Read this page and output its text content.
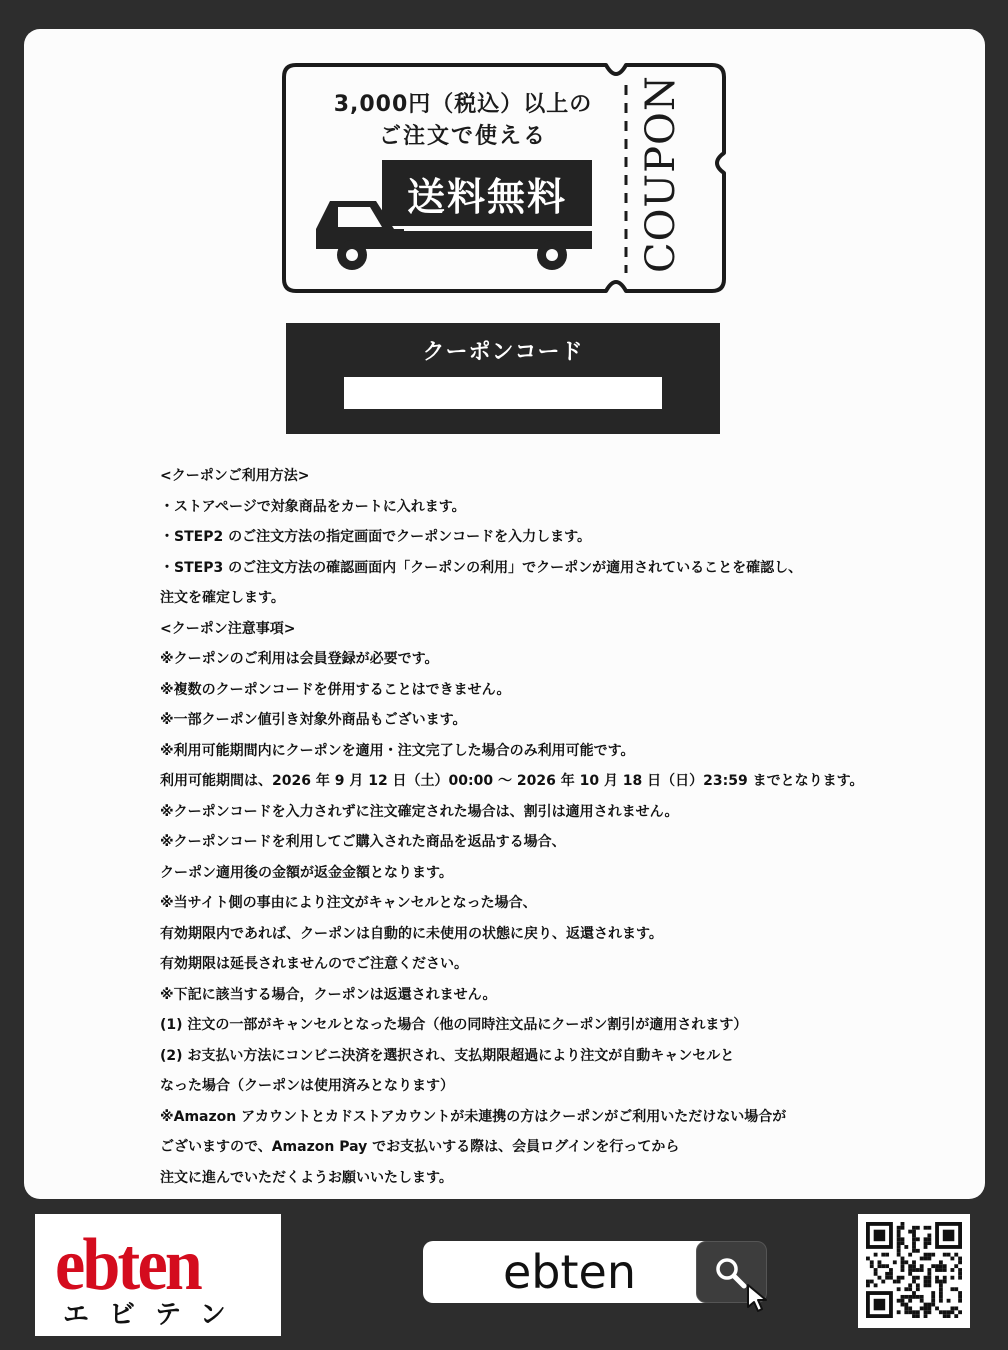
3,000円（税込）以上の
ご注文で使える
送料無料	COUPON
クーポンコード
<クーポンご利用方法>
・ストアページで対象商品をカートに入れます。
・STEP2 のご注文方法の指定画面でクーポンコードを入力します。
・STEP3 のご注文方法の確認画面内「クーポンの利用」でクーポンが適用されていることを確認し、
注文を確定します。
<クーポン注意事項>
※クーポンのご利用は会員登録が必要です。
※複数のクーポンコードを併用することはできません。
※一部クーポン値引き対象外商品もございます。
※利用可能期間内にクーポンを適用・注文完了した場合のみ利用可能です。
利用可能期間は、2026 年 9 月 12 日（土）00:00 ～ 2026 年 10 月 18 日（日）23:59 までとなります。
※クーポンコードを入力されずに注文確定された場合は、割引は適用されません。
※クーポンコードを利用してご購入された商品を返品する場合、
クーポン適用後の金額が返金金額となります。
※当サイト側の事由により注文がキャンセルとなった場合、
有効期限内であれば、クーポンは自動的に未使用の状態に戻り、返還されます。
有効期限は延長されませんのでご注意ください。
※下記に該当する場合，クーポンは返還されません。
(1) 注文の一部がキャンセルとなった場合（他の同時注文品にクーポン割引が適用されます）
(2) お支払い方法にコンビニ決済を選択され、支払期限超過により注文が自動キャンセルと
なった場合（クーポンは使用済みとなります）
※Amazon アカウントとカドストアカウントが未連携の方はクーポンがご利用いただけない場合が
ございますので、Amazon Pay でお支払いする際は、会員ログインを行ってから
注文に進んでいただくようお願いいたします。
ebten
エビテン
ebten
